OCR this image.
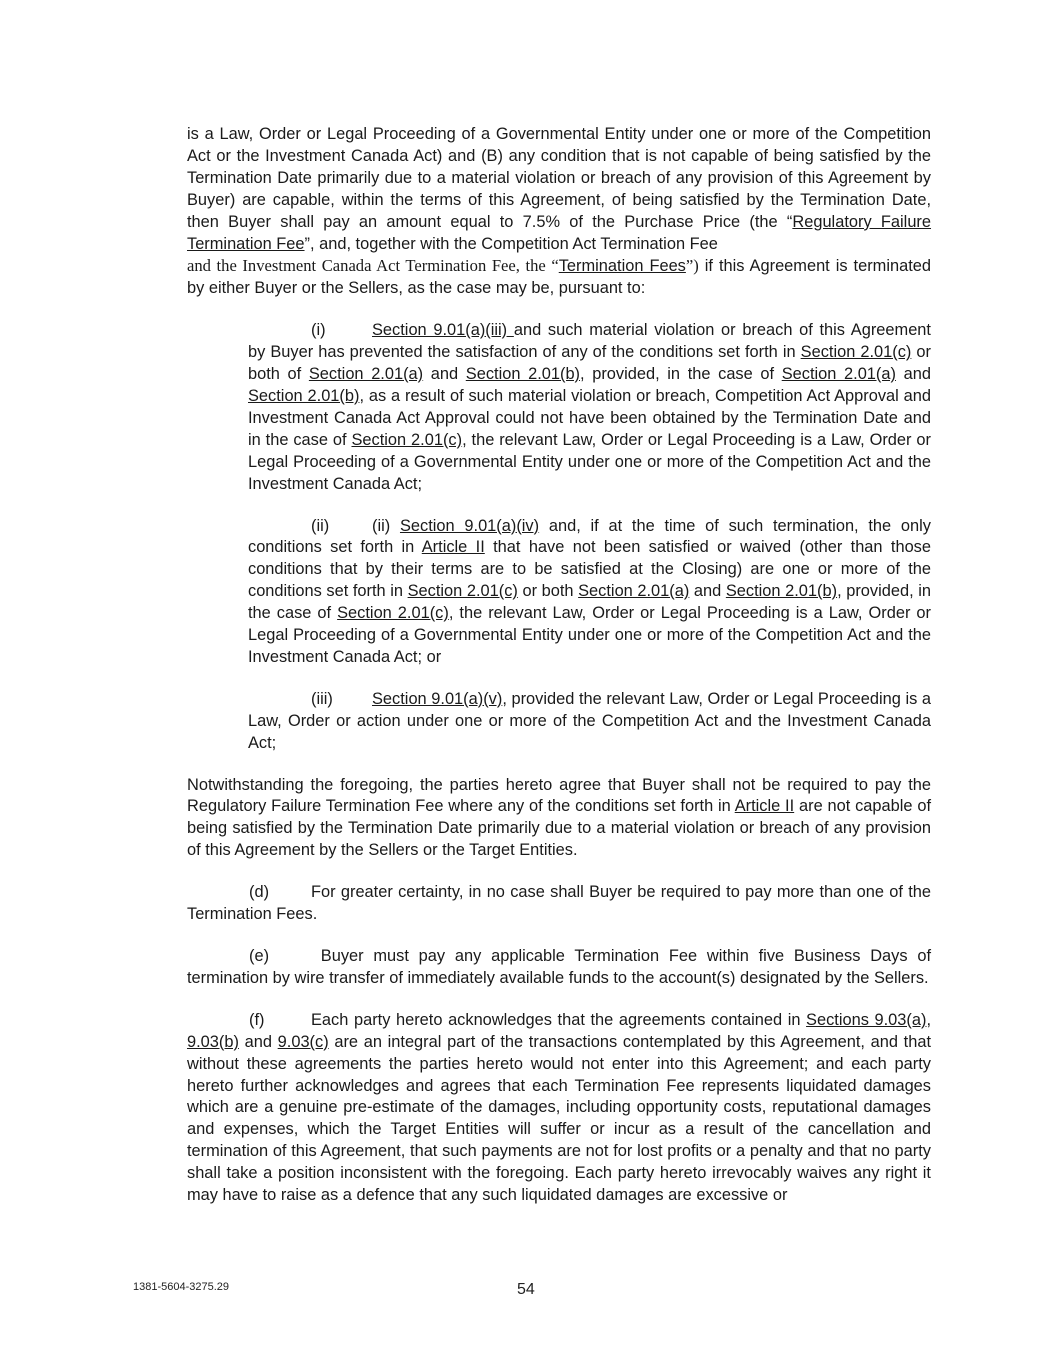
is a Law, Order or Legal Proceeding of a Governmental Entity under one or more of the Competition Act or the Investment Canada Act) and (B) any condition that is not capable of being satisfied by the Termination Date primarily due to a material violation or breach of any provision of this Agreement by Buyer) are capable, within the terms of this Agreement, of being satisfied by the Termination Date, then Buyer shall pay an amount equal to 7.5% of the Purchase Price (the “Regulatory Failure Termination Fee”, and, together with the Competition Act Termination Fee
and the Investment Canada Act Termination Fee, the “Termination Fees”) if this Agreement is terminated by either Buyer or the Sellers, as the case may be, pursuant to:

(i)	Section 9.01(a)(iii) and such material violation or breach of this Agreement by Buyer has prevented the satisfaction of any of the conditions set forth in Section 2.01(c) or both of Section 2.01(a) and Section 2.01(b), provided, in the case of Section 2.01(a) and Section 2.01(b), as a result of such material violation or breach, Competition Act Approval and Investment Canada Act Approval could not have been obtained by the Termination Date and in the case of Section 2.01(c), the relevant Law, Order or Legal Proceeding is a Law, Order or Legal Proceeding of a Governmental Entity under one or more of the Competition Act and the Investment Canada Act;

(ii)	(ii) Section 9.01(a)(iv) and, if at the time of such termination, the only conditions set forth in Article II that have not been satisfied or waived (other than those conditions that by their terms are to be satisfied at the Closing) are one or more of the conditions set forth in Section 2.01(c) or both Section 2.01(a) and Section 2.01(b), provided, in the case of Section 2.01(c), the relevant Law, Order or Legal Proceeding is a Law, Order or Legal Proceeding of a Governmental Entity under one or more of the Competition Act and the Investment Canada Act; or

(iii) Section 9.01(a)(v), provided the relevant Law, Order or Legal Proceeding is a Law, Order or action under one or more of the Competition Act and the Investment Canada Act;

Notwithstanding the foregoing, the parties hereto agree that Buyer shall not be required to pay the Regulatory Failure Termination Fee where any of the conditions set forth in Article II are not capable of being satisfied by the Termination Date primarily due to a material violation or breach of any provision of this Agreement by the Sellers or the Target Entities.

(d)	For greater certainty, in no case shall Buyer be required to pay more than one of the Termination Fees.

(e)	Buyer must pay any applicable Termination Fee within five Business Days of termination by wire transfer of immediately available funds to the account(s) designated by the Sellers.

(f)	Each party hereto acknowledges that the agreements contained in Sections 9.03(a), 9.03(b) and 9.03(c) are an integral part of the transactions contemplated by this Agreement, and that without these agreements the parties hereto would not enter into this Agreement; and each party hereto further acknowledges and agrees that each Termination Fee represents liquidated damages which are a genuine pre-estimate of the damages, including opportunity costs, reputational damages and expenses, which the Target Entities will suffer or incur as a result of the cancellation and termination of this Agreement, that such payments are not for lost profits or a penalty and that no party shall take a position inconsistent with the foregoing. Each party hereto irrevocably waives any right it may have to raise as a defence that any such liquidated damages are excessive or

1381-5604-3275.29	54
